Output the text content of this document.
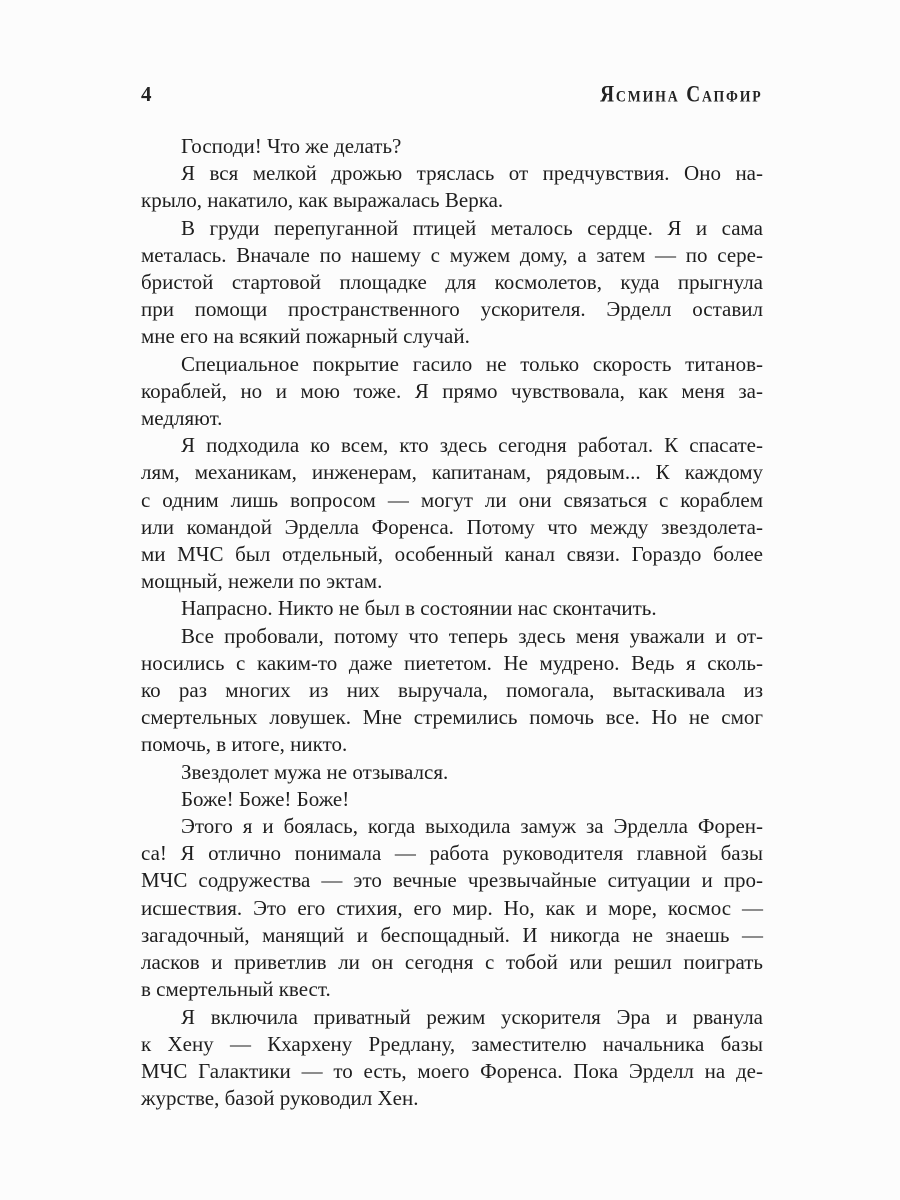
4	Ясмина Сапфир
Господи! Что же делать?
Я вся мелкой дрожью тряслась от предчувствия. Оно на-
крыло, накатило, как выражалась Верка.
В груди перепуганной птицей металось сердце. Я и сама
металась. Вначале по нашему с мужем дому, а затем — по сере-
бристой стартовой площадке для космолетов, куда прыгнула
при помощи пространственного ускорителя. Эрделл оставил
мне его на всякий пожарный случай.
Специальное покрытие гасило не только скорость титанов-
кораблей, но и мою тоже. Я прямо чувствовала, как меня за-
медляют.
Я подходила ко всем, кто здесь сегодня работал. К спасате-
лям, механикам, инженерам, капитанам, рядовым... К каждому
с одним лишь вопросом — могут ли они связаться с кораблем
или командой Эрделла Форенса. Потому что между звездолета-
ми МЧС был отдельный, особенный канал связи. Гораздо более
мощный, нежели по эктам.
Напрасно. Никто не был в состоянии нас сконтачить.
Все пробовали, потому что теперь здесь меня уважали и от-
носились с каким-то даже пиететом. Не мудрено. Ведь я сколь-
ко раз многих из них выручала, помогала, вытаскивала из
смертельных ловушек. Мне стремились помочь все. Но не смог
помочь, в итоге, никто.
Звездолет мужа не отзывался.
Боже! Боже! Боже!
Этого я и боялась, когда выходила замуж за Эрделла Форен-
са! Я отлично понимала — работа руководителя главной базы
МЧС содружества — это вечные чрезвычайные ситуации и про-
исшествия. Это его стихия, его мир. Но, как и море, космос —
загадочный, манящий и беспощадный. И никогда не знаешь —
ласков и приветлив ли он сегодня с тобой или решил поиграть
в смертельный квест.
Я включила приватный режим ускорителя Эра и рванула
к Хену — Кхархену Рредлану, заместителю начальника базы
МЧС Галактики — то есть, моего Форенса. Пока Эрделл на де-
журстве, базой руководил Хен.
